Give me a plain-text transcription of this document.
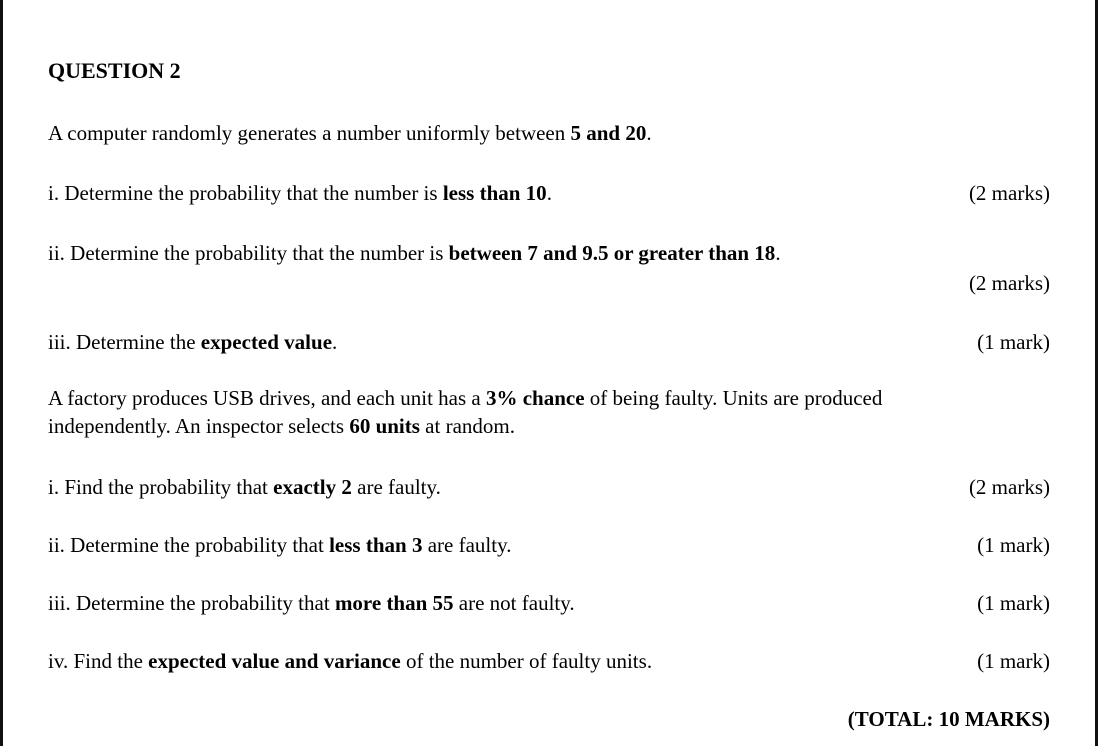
QUESTION 2
A computer randomly generates a number uniformly between 5 and 20.
i. Determine the probability that the number is less than 10.	(2 marks)
ii. Determine the probability that the number is between 7 and 9.5 or greater than 18.
(2 marks)
iii. Determine the expected value.	(1 mark)
A factory produces USB drives, and each unit has a 3% chance of being faulty. Units are produced
independently. An inspector selects 60 units at random.
i. Find the probability that exactly 2 are faulty.	(2 marks)
ii. Determine the probability that less than 3 are faulty.	(1 mark)
iii. Determine the probability that more than 55 are not faulty.	(1 mark)
iv. Find the expected value and variance of the number of faulty units.	(1 mark)
(TOTAL: 10 MARKS)
